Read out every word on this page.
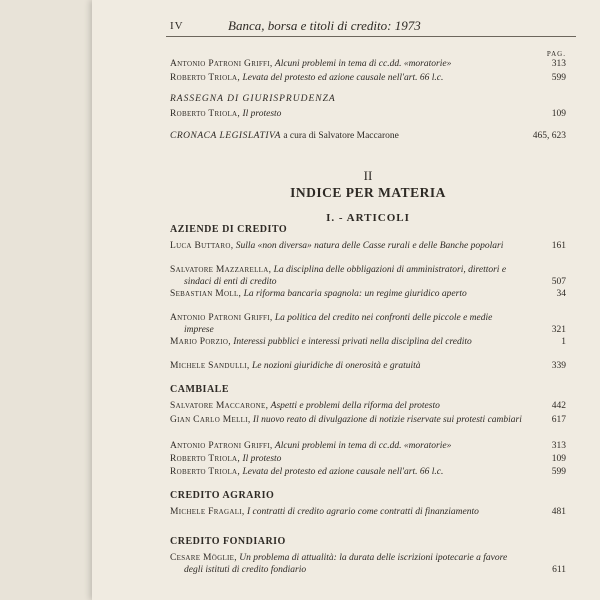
IV	Banca, borsa e titoli di credito: 1973
PAG.
Antonio Patroni Griffi, Alcuni problemi in tema di cc.dd. «moratorie»	313
Roberto Triola, Levata del protesto ed azione causale nell'art. 66 l.c.	599
RASSEGNA DI GIURISPRUDENZA
Roberto Triola, Il protesto	109
CRONACA LEGISLATIVA a cura di Salvatore Maccarone	465, 623
II
INDICE PER MATERIA
I. - ARTICOLI
AZIENDE DI CREDITO
Luca Buttaro, Sulla «non diversa» natura delle Casse rurali e delle Banche popolari	161
Salvatore Mazzarella, La disciplina delle obbligazioni di amministratori, direttori e sindaci di enti di credito	507
Sebastian Moll, La riforma bancaria spagnola: un regime giuridico aperto	34
Antonio Patroni Griffi, La politica del credito nei confronti delle piccole e medie imprese	321
Mario Porzio, Interessi pubblici e interessi privati nella disciplina del credito	1
Michele Sandulli, Le nozioni giuridiche di onerosità e gratuità	339
CAMBIALE
Salvatore Maccarone, Aspetti e problemi della riforma del protesto	442
Gian Carlo Melli, Il nuovo reato di divulgazione di notizie riservate sui protesti cambiari	617
Antonio Patroni Griffi, Alcuni problemi in tema di cc.dd. «moratorie»	313
Roberto Triola, Il protesto	109
Roberto Triola, Levata del protesto ed azione causale nell'art. 66 l.c.	599
CREDITO AGRARIO
Michele Fragali, I contratti di credito agrario come contratti di finanziamento	481
CREDITO FONDIARIO
Cesare Möglie, Un problema di attualità: la durata delle iscrizioni ipotecarie a favore degli istituti di credito fondiario	611
